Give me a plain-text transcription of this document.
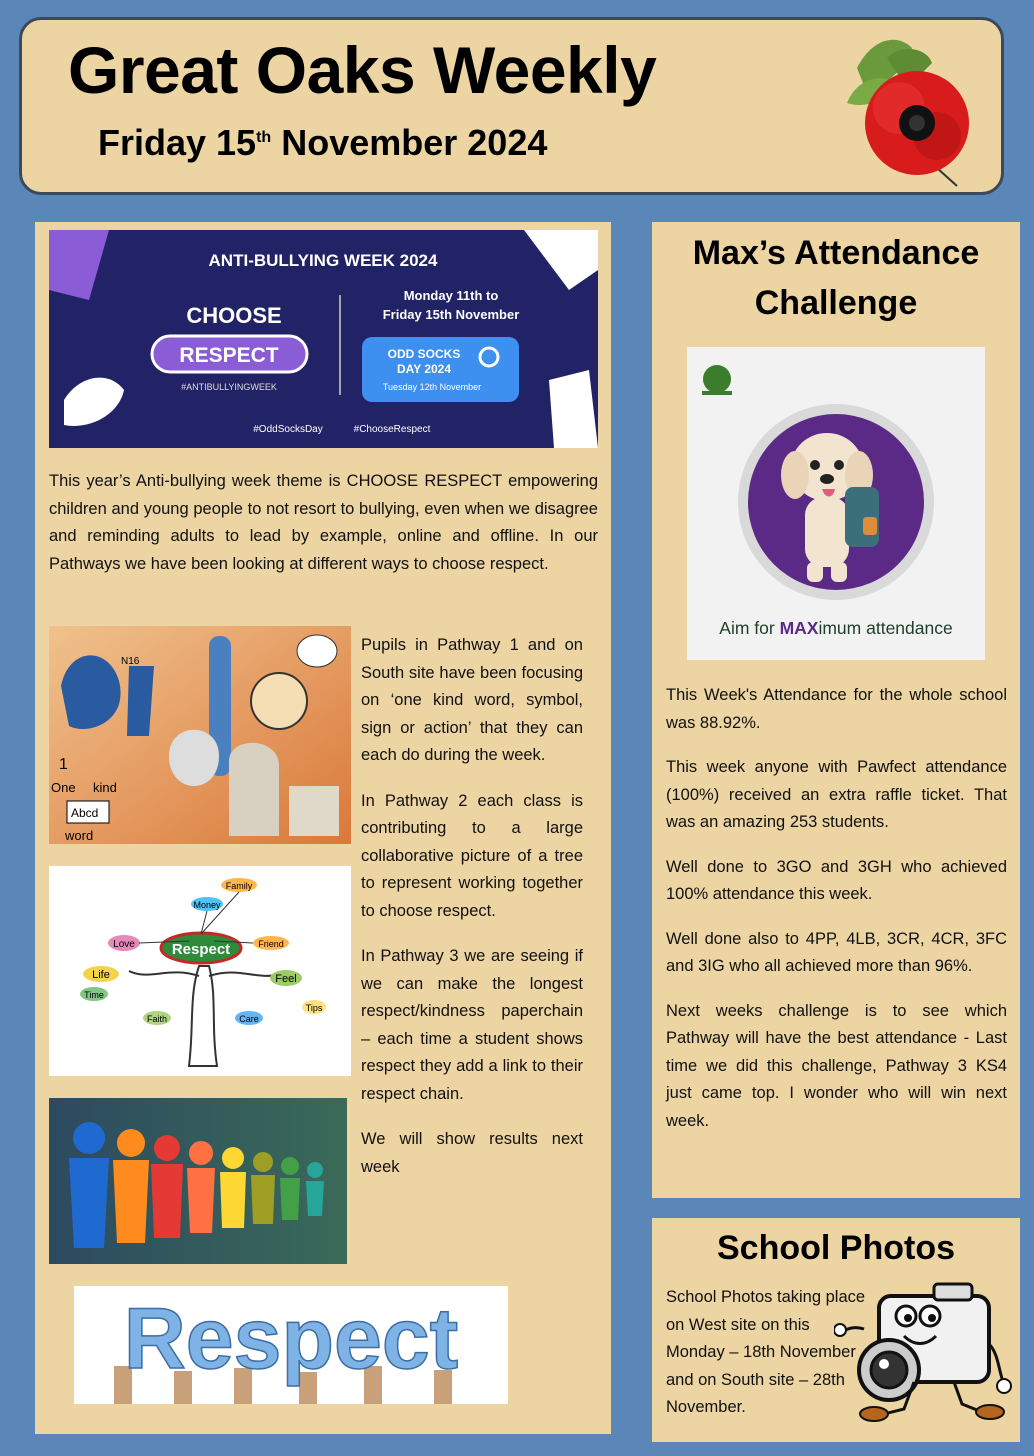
Great Oaks Weekly
Friday 15th November 2024
ANTI-BULLYING WEEK 2024
CHOOSE
RESPECT
#ANTIBULLYINGWEEK
Monday 11th to
Friday 15th November
ODD SOCKS
DAY 2024
Tuesday 12th November
#OddSocksDay	#ChooseRespect

This year’s Anti-bullying week theme is CHOOSE RESPECT empowering children and young people to not resort to bullying, even when we disagree and reminding adults to lead by example, online and offline. In our Pathways we have been looking at different ways to choose respect.

N16
1
One kind
Abcd
word
Respect
Love
Life	Feel
Friend
Family
Money
Care
Faith
Time
Tips
Respect

Pupils in Pathway 1 and on South site have been focusing on ‘one kind word, symbol, sign or action’ that they can each do during the week.

In Pathway 2 each class is contributing to a large collaborative picture of a tree to represent working together to choose respect.

In Pathway 3 we are seeing if we can make the longest respect/kindness paperchain – each time a student shows respect they add a link to their respect chain.

We will show results next week

Max’s Attendance Challenge
Aim for MAXimum attendance

This Week's Attendance for the whole school was 88.92%.

This week anyone with Pawfect attendance (100%) received an extra raffle ticket. That was an amazing 253 students.

Well done to 3GO and 3GH who achieved 100% attendance this week.

Well done also to 4PP, 4LB, 3CR, 4CR, 3FC and 3IG who all achieved more than 96%.

Next weeks challenge is to see which Pathway will have the best attendance - Last time we did this challenge, Pathway 3 KS4 just came top. I wonder who will win next week.

School Photos

School Photos taking place on West site on this Monday – 18th November and on South site – 28th November.
